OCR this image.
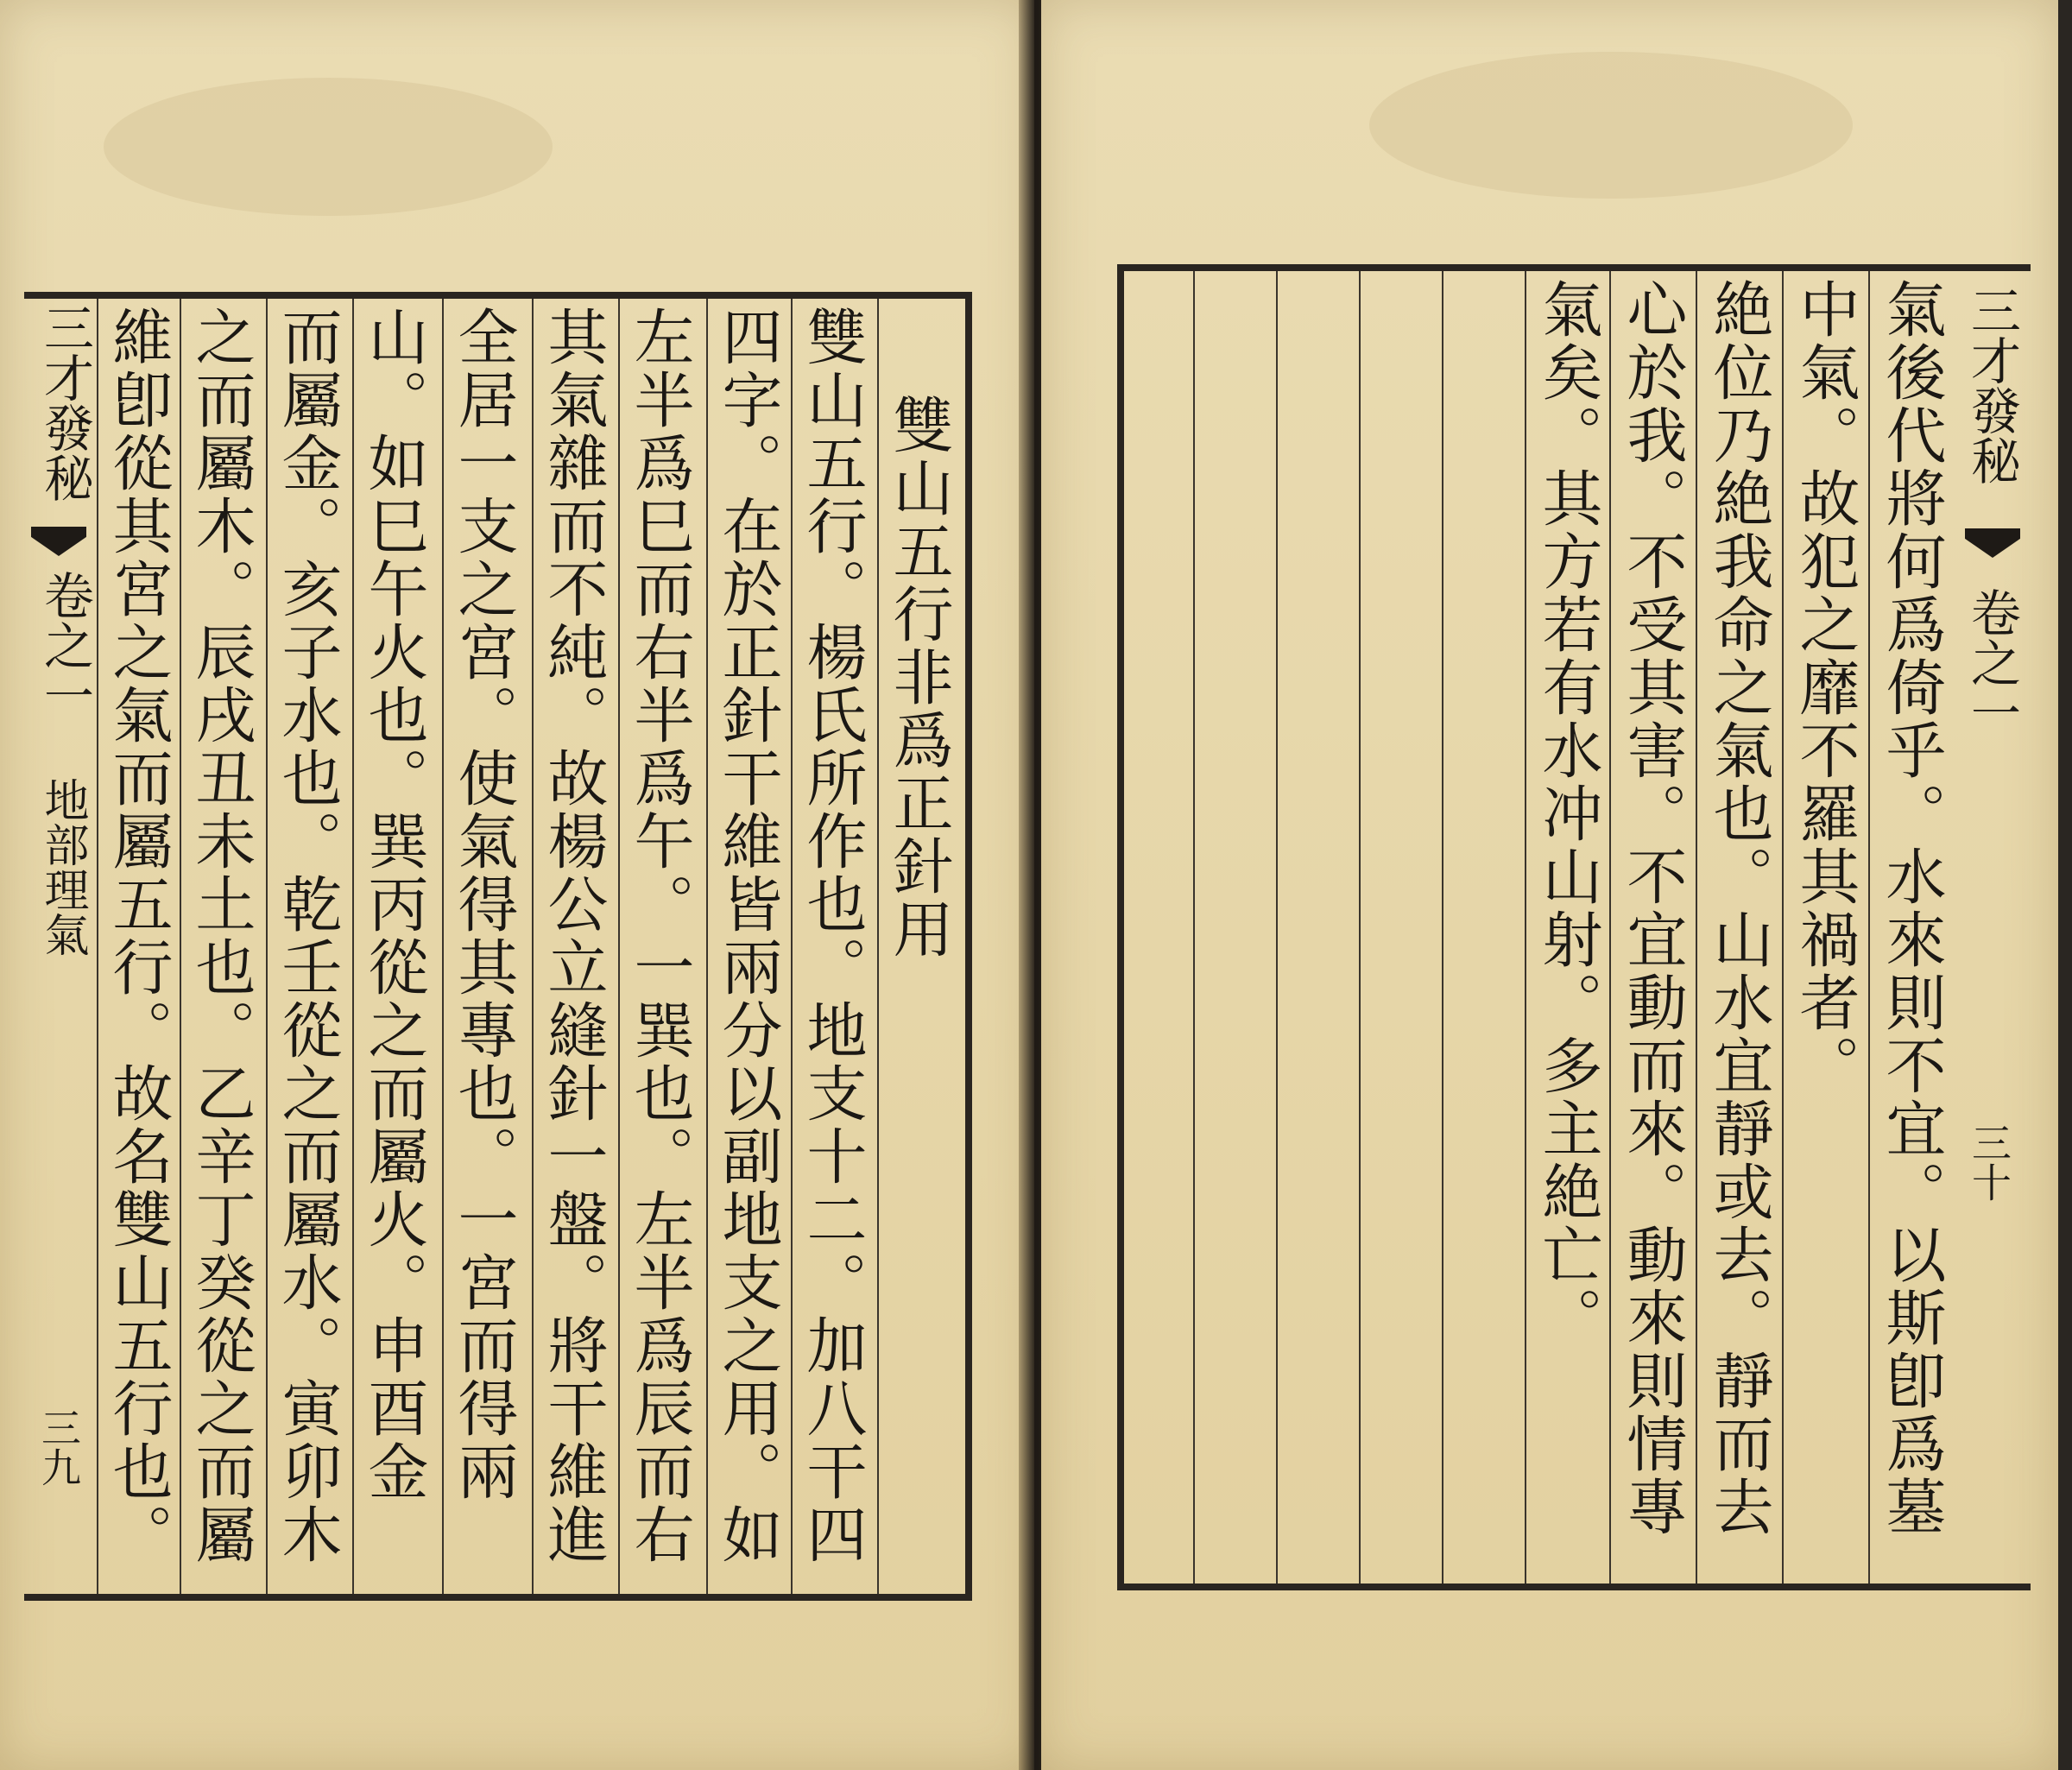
三才發秘
卷之一
地部理氣
三九
雙山五行非爲正針用
雙山五行。楊氏所作也。地支十二。加八干四
四字。在於正針干維皆兩分以副地支之用。如
左半爲巳而右半爲午。一巽也。左半爲辰而右
其氣雜而不純。故楊公立縫針一盤。將干維進
全居一支之宮。使氣得其專也。一宮而得兩
山。如巳午火也。巽丙從之而屬火。申酉金
而屬金。亥子水也。乾壬從之而屬水。寅卯木
之而屬木。辰戌丑未土也。乙辛丁癸從之而屬
維卽從其宮之氣而屬五行。故名雙山五行也。
三才發秘
卷之一
三十
氣後代將何爲倚乎。水來則不宜。以斯卽爲墓
中氣。故犯之靡不羅其禍者。
絶位乃絶我命之氣也。山水宜靜或去。靜而去
心於我。不受其害。不宜動而來。動來則情專
氣矣。其方若有水冲山射。多主絶亡。
